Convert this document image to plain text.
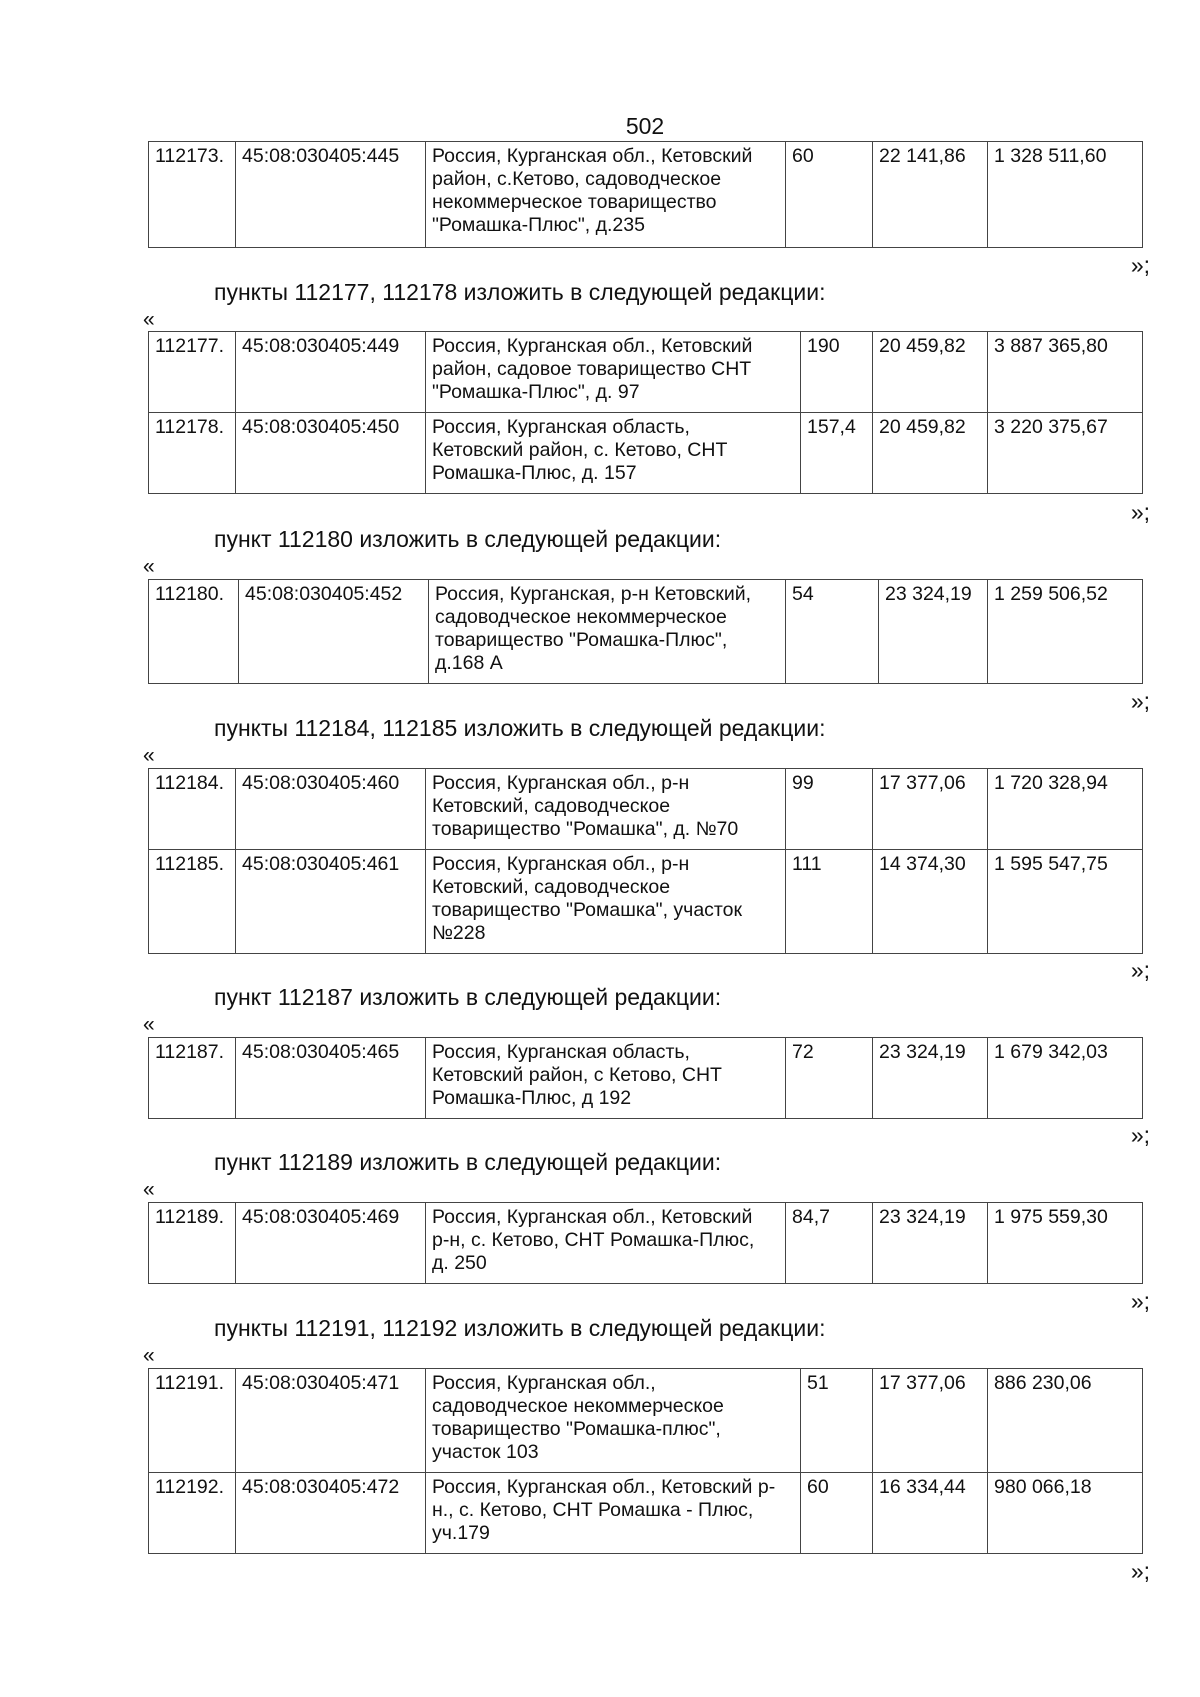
502
112173.	45:08:030405:445	Россия, Курганская обл., Кетовский
район, с.Кетово, садоводческое
некоммерческое товарищество
"Ромашка-Плюс", д.235	60	22 141,86	1 328 511,60
»;
пункты 112177, 112178 изложить в следующей редакции:
«
112177.	45:08:030405:449	Россия, Курганская обл., Кетовский
район, садовое товарищество СНТ
"Ромашка-Плюс", д. 97	190	20 459,82	3 887 365,80
112178.	45:08:030405:450	Россия, Курганская область,
Кетовский район, с. Кетово, СНТ
Ромашка-Плюс, д. 157	157,4	20 459,82	3 220 375,67
»;
пункт 112180 изложить в следующей редакции:
«
112180.	45:08:030405:452	Россия, Курганская, р-н Кетовский,
садоводческое некоммерческое
товарищество "Ромашка-Плюс",
д.168 А	54	23 324,19	1 259 506,52
»;
пункты 112184, 112185 изложить в следующей редакции:
«
112184.	45:08:030405:460	Россия, Курганская обл., р-н
Кетовский, садоводческое
товарищество "Ромашка", д. №70	99	17 377,06	1 720 328,94
112185.	45:08:030405:461	Россия, Курганская обл., р-н
Кетовский, садоводческое
товарищество "Ромашка", участок
№228	111	14 374,30	1 595 547,75
»;
пункт 112187 изложить в следующей редакции:
«
112187.	45:08:030405:465	Россия, Курганская область,
Кетовский район, с Кетово, СНТ
Ромашка-Плюс, д 192	72	23 324,19	1 679 342,03
»;
пункт 112189 изложить в следующей редакции:
«
112189.	45:08:030405:469	Россия, Курганская обл., Кетовский
р-н, с. Кетово, СНТ Ромашка-Плюс,
д. 250	84,7	23 324,19	1 975 559,30
»;
пункты 112191, 112192 изложить в следующей редакции:
«
112191.	45:08:030405:471	Россия, Курганская обл.,
садоводческое некоммерческое
товарищество "Ромашка-плюс",
участок 103	51	17 377,06	886 230,06
112192.	45:08:030405:472	Россия, Курганская обл., Кетовский р-
н., с. Кетово, СНТ Ромашка - Плюс,
уч.179	60	16 334,44	980 066,18
»;
